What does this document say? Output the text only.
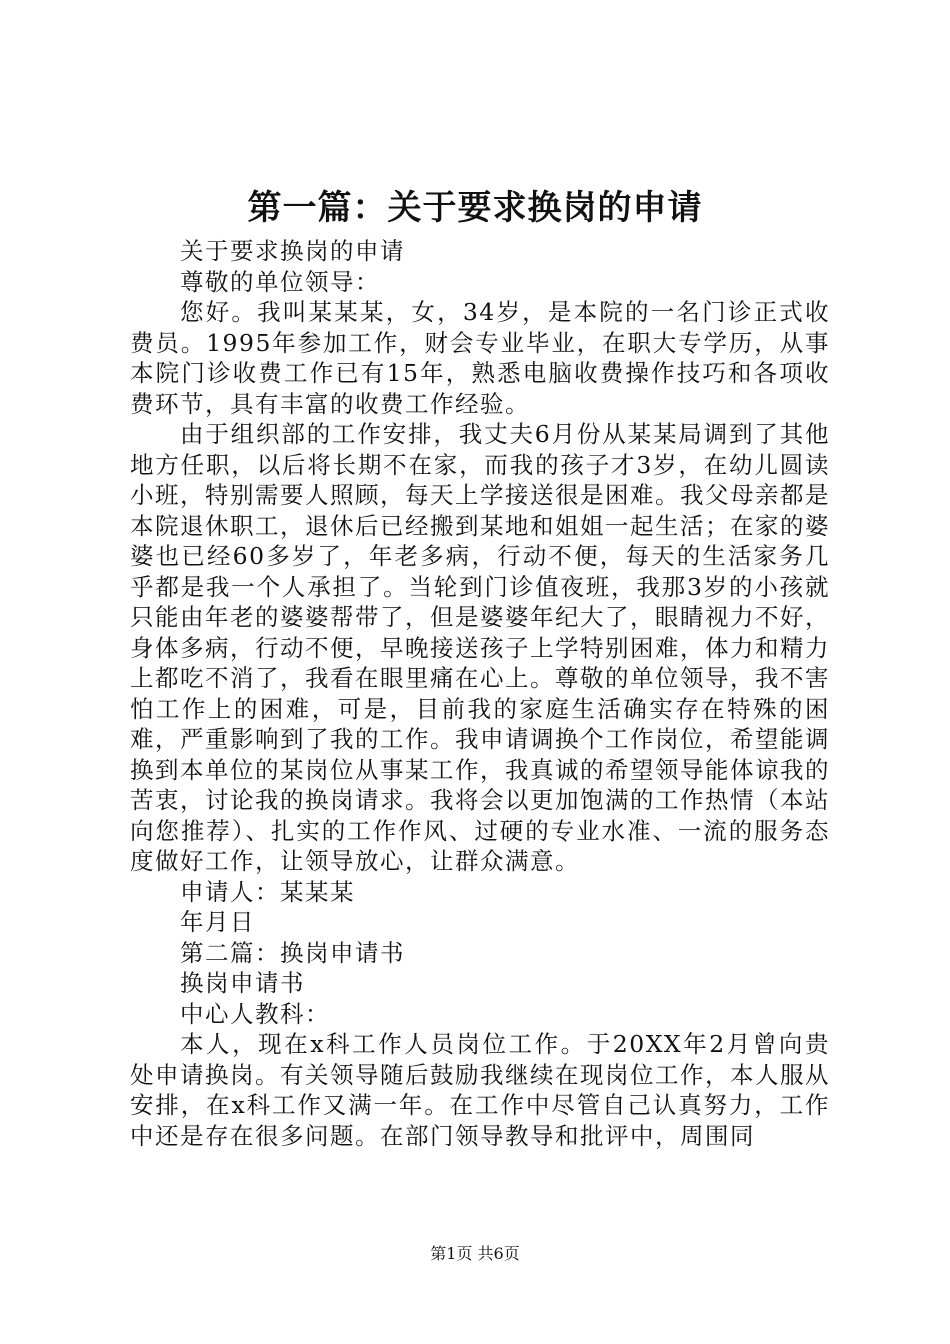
第一篇：关于要求换岗的申请

关于要求换岗的申请

尊敬的单位领导：

您好。我叫某某某，女，34岁，是本院的一名门诊正式收费员。1995年参加工作，财会专业毕业，在职大专学历，从事本院门诊收费工作已有15年，熟悉电脑收费操作技巧和各项收费环节，具有丰富的收费工作经验。

由于组织部的工作安排，我丈夫6月份从某某局调到了其他地方任职，以后将长期不在家，而我的孩子才3岁，在幼儿圆读小班，特别需要人照顾，每天上学接送很是困难。我父母亲都是本院退休职工，退休后已经搬到某地和姐姐一起生活；在家的婆婆也已经60多岁了，年老多病，行动不便，每天的生活家务几乎都是我一个人承担了。当轮到门诊值夜班，我那3岁的小孩就只能由年老的婆婆帮带了，但是婆婆年纪大了，眼睛视力不好，身体多病，行动不便，早晚接送孩子上学特别困难，体力和精力上都吃不消了，我看在眼里痛在心上。尊敬的单位领导，我不害怕工作上的困难，可是，目前我的家庭生活确实存在特殊的困难，严重影响到了我的工作。我申请调换个工作岗位，希望能调换到本单位的某岗位从事某工作，我真诚的希望领导能体谅我的苦衷，讨论我的换岗请求。我将会以更加饱满的工作热情（本站向您推荐）、扎实的工作作风、过硬的专业水准、一流的服务态度做好工作，让领导放心，让群众满意。

申请人：某某某

年月日

第二篇：换岗申请书

换岗申请书

中心人教科：

本人，现在x科工作人员岗位工作。于20XX年2月曾向贵处申请换岗。有关领导随后鼓励我继续在现岗位工作，本人服从安排，在x科工作又满一年。在工作中尽管自己认真努力，工作中还是存在很多问题。在部门领导教导和批评中，周围同

第1页 共6页
